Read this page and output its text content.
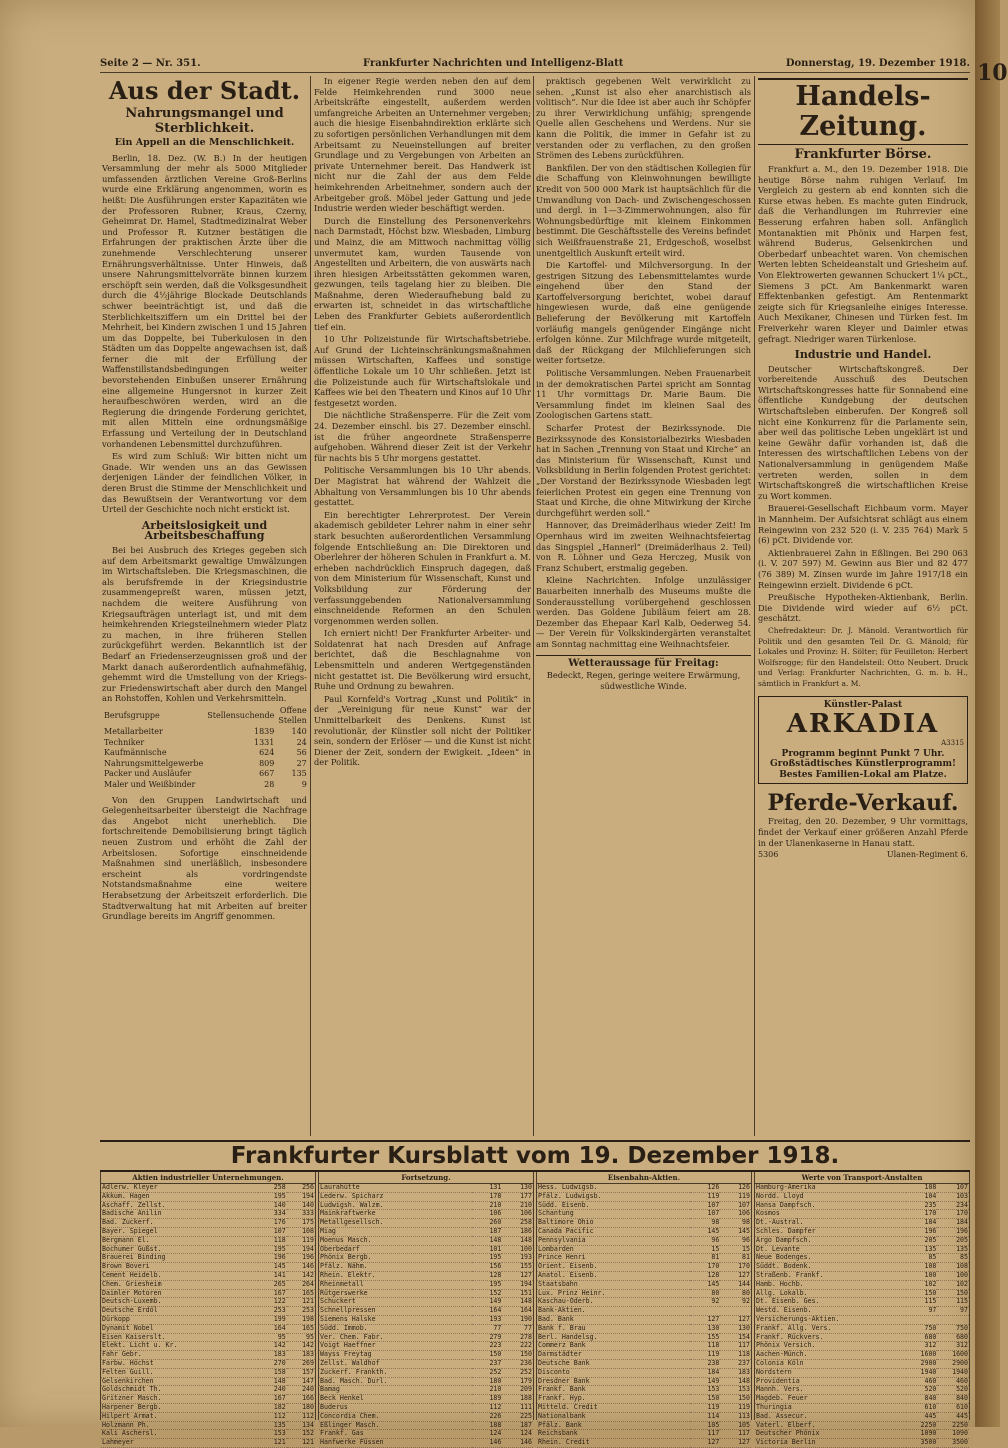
Seite 2 — Nr. 351.	Frankfurter Nachrichten und Intelligenz-Blatt	Donnerstag, 19. Dezember 1918.
Aus der Stadt.
Nahrungsmangel und Sterblichkeit.
Ein Appell an die Menschlichkeit.

Berlin, 18. Dez. (W. B.) In der heutigen Versammlung der mehr als 5000 Mitglieder umfassenden ärztlichen Vereine Groß-Berlins wurde eine Erklärung angenommen, worin es heißt: Die Ausführungen erster Kapazitäten wie der Professoren Rubner, Kraus, Czerny, Geheimrat Dr. Hamel, Stadtmedizinalrat Weber und Professor R. Kutzner bestätigen die Erfahrungen der praktischen Ärzte über die zunehmende Verschlechterung unserer Ernährungsverhältnisse. Unter Hinweis, daß unsere Nahrungsmittelvorräte binnen kurzem erschöpft sein werden, daß die Volksgesundheit durch die 4½jährige Blockade Deutschlands schwer beeinträchtigt ist, und daß die Sterblichkeitsziffern um ein Drittel bei der Mehrheit, bei Kindern zwischen 1 und 15 Jahren um das Doppelte, bei Tuberkulosen in den Städten um das Doppelte angewachsen ist, daß ferner die mit der Erfüllung der Waffenstillstandsbedingungen weiter bevorstehenden Einbußen unserer Ernährung eine allgemeine Hungersnot in kurzer Zeit heraufbeschwören werden, wird an die Regierung die dringende Forderung gerichtet, mit allen Mitteln eine ordnungsmäßige Erfassung und Verteilung der in Deutschland vorhandenen Lebensmittel durchzuführen.

Es wird zum Schluß: Wir bitten nicht um Gnade. Wir wenden uns an das Gewissen derjenigen Länder der feindlichen Völker, in deren Brust die Stimme der Menschlichkeit und das Bewußtsein der Verantwortung vor dem Urteil der Geschichte noch nicht erstickt ist.

Arbeitslosigkeit und Arbeitsbeschaffung

Bei bei Ausbruch des Krieges gegeben sich auf dem Arbeitsmarkt gewaltige Umwälzungen im Wirtschaftsleben. Die Kriegsmaschinen, die als berufsfremde in der Kriegsindustrie zusammengepreßt waren, müssen jetzt, nachdem die weitere Ausführung von Kriegsaufträgen unterlagt ist, und mit dem heimkehrenden Kriegsteilnehmern wieder Platz zu machen, in ihre früheren Stellen zurückgeführt werden. Bekanntlich ist der Bedarf an Friedenserzeugnissen groß und der Markt danach außerordentlich aufnahmefähig, gehemmt wird die Umstellung von der Kriegs- zur Friedenswirtschaft aber durch den Mangel an Rohstoffen, Kohlen und Verkehrsmitteln.

Berufsgruppe	Stellensuchende	Offene Stellen
Metallarbeiter	1839	140
Techniker	1331	24
Kaufmännische	624	56
Nahrungsmittelgewerbe	809	27
Packer und Ausläufer	667	135
Maler und Weißbinder	28	9

Von den Gruppen Landwirtschaft und Gelegenheitsarbeiter übersteigt die Nachfrage das Angebot nicht unerheblich. Die fortschreitende Demobilisierung bringt täglich neuen Zustrom und erhöht die Zahl der Arbeitslosen. Sofortige einschneidende Maßnahmen sind unerläßlich, insbesondere erscheint als vordringendste Notstandsmaßnahme eine weitere Herabsetzung der Arbeitszeit erforderlich. Die Stadtverwaltung hat mit Arbeiten auf breiter Grundlage bereits im Angriff genommen.

In eigener Regie werden neben den auf dem Felde Heimkehrenden rund 3000 neue Arbeitskräfte eingestellt, außerdem werden umfangreiche Arbeiten an Unternehmer vergeben; auch die hiesige Eisenbahndirektion erklärte sich zu sofortigen persönlichen Verhandlungen mit dem Arbeitsamt zu Neueinstellungen auf breiter Grundlage und zu Vergebungen von Arbeiten an private Unternehmer bereit. Das Handwerk ist nicht nur die Zahl der aus dem Felde heimkehrenden Arbeitnehmer, sondern auch der Arbeitgeber groß. Möbel jeder Gattung und jede Industrie werden wieder beschäftigt werden.

Durch die Einstellung des Personenverkehrs nach Darmstadt, Höchst bzw. Wiesbaden, Limburg und Mainz, die am Mittwoch nachmittag völlig unvermutet kam, wurden Tausende von Angestellten und Arbeitern, die von auswärts nach ihren hiesigen Arbeitsstätten gekommen waren, gezwungen, teils tagelang hier zu bleiben. Die Maßnahme, deren Wiederaufhebung bald zu erwarten ist, schneidet in das wirtschaftliche Leben des Frankfurter Gebiets außerordentlich tief ein.

10 Uhr Polizeistunde für Wirtschaftsbetriebe. Auf Grund der Lichteinschränkungsmaßnahmen müssen Wirtschaften, Kaffees und sonstige öffentliche Lokale um 10 Uhr schließen. Jetzt ist die Polizeistunde auch für Wirtschaftslokale und Kaffees wie bei den Theatern und Kinos auf 10 Uhr festgesetzt worden.

Die nächtliche Straßensperre. Für die Zeit vom 24. Dezember einschl. bis 27. Dezember einschl. ist die früher angeordnete Straßensperre aufgehoben. Während dieser Zeit ist der Verkehr für nachts bis 5 Uhr morgens gestattet.

Politische Versammlungen bis 10 Uhr abends. Der Magistrat hat während der Wahlzeit die Abhaltung von Versammlungen bis 10 Uhr abends gestattet.

Ein berechtigter Lehrerprotest. Der Verein akademisch gebildeter Lehrer nahm in einer sehr stark besuchten außerordentlichen Versammlung folgende Entschließung an: Die Direktoren und Oberlehrer der höheren Schulen in Frankfurt a. M. erheben nachdrücklich Einspruch dagegen, daß von dem Ministerium für Wissenschaft, Kunst und Volksbildung zur Förderung der verfassunggebenden Nationalversammlung einschneidende Reformen an den Schulen vorgenommen werden sollen.

Ich erniert nicht! Der Frankfurter Arbeiter- und Soldatenrat hat nach Dresden auf Anfrage berichtet, daß die Beschlagnahme von Lebensmitteln und anderen Wertgegenständen nicht gestattet ist. Die Bevölkerung wird ersucht, Ruhe und Ordnung zu bewahren.

Paul Kornfeld's Vortrag „Kunst und Politik“ in der „Vereinigung für neue Kunst“ war der Unmittelbarkeit des Denkens. Kunst ist revolutionär, der Künstler soll nicht der Politiker sein, sondern der Erlöser — und die Kunst ist nicht Diener der Zeit, sondern der Ewigkeit. „Ideen“ in der Politik.

praktisch gegebenen Welt verwirklicht zu sehen. „Kunst ist also eher anarchistisch als volitisch“. Nur die Idee ist aber auch ihr Schöpfer zu ihrer Verwirklichung unfähig; sprengende Quelle allen Geschehens und Werdens. Nur sie kann die Politik, die immer in Gefahr ist zu verstanden oder zu verflachen, zu den großen Strömen des Lebens zurückführen.

Bankfilen. Der von den städtischen Kollegien für die Schaffung von Kleinwohnungen bewilligte Kredit von 500 000 Mark ist hauptsächlich für die Umwandlung von Dach- und Zwischengeschossen und dergl. in 1—3-Zimmerwohnungen, also für Wohnungsbedürftige mit kleinem Einkommen bestimmt. Die Geschäftsstelle des Vereins befindet sich Weißfrauenstraße 21, Erdgeschoß, woselbst unentgeltlich Auskunft erteilt wird.

Die Kartoffel- und Milchversorgung. In der gestrigen Sitzung des Lebensmittelamtes wurde eingehend über den Stand der Kartoffelversorgung berichtet, wobei darauf hingewiesen wurde, daß eine genügende Belieferung der Bevölkerung mit Kartoffeln vorläufig mangels genügender Eingänge nicht erfolgen könne. Zur Milchfrage wurde mitgeteilt, daß der Rückgang der Milchlieferungen sich weiter fortsetze.

Politische Versammlungen. Neben Frauenarbeit in der demokratischen Partei spricht am Sonntag 11 Uhr vormittags Dr. Marie Baum. Die Versammlung findet im kleinen Saal des Zoologischen Gartens statt.

Scharfer Protest der Bezirkssynode. Die Bezirkssynode des Konsistorialbezirks Wiesbaden hat in Sachen „Trennung von Staat und Kirche“ an das Ministerium für Wissenschaft, Kunst und Volksbildung in Berlin folgenden Protest gerichtet: „Der Vorstand der Bezirkssynode Wiesbaden legt feierlichen Protest ein gegen eine Trennung von Staat und Kirche, die ohne Mitwirkung der Kirche durchgeführt werden soll.“

Hannover, das Dreimäderlhaus wieder Zeit! Im Opernhaus wird im zweiten Weihnachtsfeiertag das Singspiel „Hannerl“ (Dreimäderlhaus 2. Teil) von R. Löhner und Geza Herczeg, Musik von Franz Schubert, erstmalig gegeben.

Kleine Nachrichten. Infolge unzulässiger Bauarbeiten innerhalb des Museums mußte die Sonderausstellung vorübergehend geschlossen werden. Das Goldene Jubiläum feiert am 28. Dezember das Ehepaar Karl Kalb, Oederweg 54. — Der Verein für Volkskindergärten veranstaltet am Sonntag nachmittag eine Weihnachtsfeier.

Wetteraussage für Freitag:

Bedeckt, Regen, geringe weitere Erwärmung, südwestliche Winde.

Handels-Zeitung.
Frankfurter Börse.

Frankfurt a. M., den 19. Dezember 1918. Die heutige Börse nahm ruhigen Verlauf. Im Vergleich zu gestern ab end konnten sich die Kurse etwas heben. Es machte guten Eindruck, daß die Verhandlungen im Ruhrrevier eine Besserung erfahren haben soll. Anfänglich Montanaktien mit Phönix und Harpen fest, während Buderus, Gelsenkirchen und Oberbedarf unbeachtet waren. Von chemischen Werten lebten Scheideanstalt und Griesheim auf. Von Elektrowerten gewannen Schuckert 1¼ pCt., Siemens 3 pCt. Am Bankenmarkt waren Effektenbanken gefestigt. Am Rentenmarkt zeigte sich für Kriegsanleihe einiges Interesse. Auch Mexikaner, Chinesen und Türken fest. Im Freiverkehr waren Kleyer und Daimler etwas gefragt. Niedriger waren Türkenlose.

Industrie und Handel.

Deutscher Wirtschaftskongreß. Der vorbereitende Ausschuß des Deutschen Wirtschaftskongresses hatte für Sonnabend eine öffentliche Kundgebung der deutschen Wirtschaftsleben einberufen. Der Kongreß soll nicht eine Konkurrenz für die Parlamente sein, aber weil das politische Leben ungeklärt ist und keine Gewähr dafür vorhanden ist, daß die Interessen des wirtschaftlichen Lebens von der Nationalversammlung in genügendem Maße vertreten werden, sollen in dem Wirtschaftskongreß die wirtschaftlichen Kreise zu Wort kommen.

Brauerei-Gesellschaft Eichbaum vorm. Mayer in Mannheim. Der Aufsichtsrat schlägt aus einem Reingewinn von 232 520 (i. V. 235 764) Mark 5 (6) pCt. Dividende vor.

Aktienbrauerei Zahn in Eßlingen. Bei 290 063 (i. V. 207 597) M. Gewinn aus Bier und 82 477 (76 389) M. Zinsen wurde im Jahre 1917/18 ein Reingewinn erzielt. Dividende 6 pCt.

Preußische Hypotheken-Aktienbank, Berlin. Die Dividende wird wieder auf 6½ pCt. geschätzt.

Chefredakteur: Dr. J. Mänold. Verantwortlich für Politik und den gesamten Teil Dr. G. Mänold; für Lokales und Provinz: H. Sölter; für Feuilleton: Herbert Wolfsrogge; für den Handelsteil: Otto Neubert. Druck und Verlag: Frankfurter Nachrichten, G. m. b. H., sämtlich in Frankfurt a. M.

Künstler-Palast
ARKADIA
A3315
Programm beginnt Punkt 7 Uhr.
Großstädtisches Künstlerprogramm!
Bestes Familien-Lokal am Platze.
Pferde-Verkauf.

Freitag, den 20. Dezember, 9 Uhr vormittags, findet der Verkauf einer größeren Anzahl Pferde in der Ulanenkaserne in Hanau statt.

5306	Ulanen-Regiment 6.
Frankfurter Kursblatt vom 19. Dezember 1918.
Aktien industrieller Unternehmungen.
Adlerw. Kleyer	258	256
Akkum. Hagen	195	194
Aschaff. Zellst.	140	140
Badische Anilin	334	333
Bad. Zuckerf.	176	175
Bayer. Spiegel	107	108
Bergmann El.	118	119
Bochumer Gußst.	195	194
Brauerei Binding	196	196
Brown Boveri	145	146
Cement Heidelb.	141	142
Chem. Griesheim	265	264
Daimler Motoren	167	165
Deutsch-Luxemb.	122	121
Deutsche Erdöl	253	253
Dürkopp	199	198
Dynamit Nobel	164	165
Eisen Kaiserslt.	95	95
Elekt. Licht u. Kr.	142	142
Fahr Gebr.	183	183
Farbw. Höchst	270	269
Felten Guill.	158	157
Gelsenkirchen	148	147
Goldschmidt Th.	240	240
Gritzner Masch.	167	166
Harpener Bergb.	182	180
Hilpert Armat.	112	112
Holzmann Ph.	135	134
Kali Aschersl.	153	152
Lahmeyer	121	121
Fortsetzung.
Laurahütte	131	130
Lederw. Spicharz	178	177
Ludwigsh. Walzm.	210	210
Mainkraftwerke	106	106
Metallgesellsch.	260	258
Miag	187	186
Moenus Masch.	148	148
Oberbedarf	101	100
Phönix Bergb.	195	193
Pfälz. Nähm.	156	155
Rhein. Elektr.	128	127
Rheinmetall	195	194
Rütgerswerke	152	151
Schuckert	149	148
Schnellpressen	164	164
Siemens Halske	193	190
Südd. Immob.	77	77
Ver. Chem. Fabr.	279	278
Voigt Haeffner	223	222
Wayss Freytag	150	150
Zellst. Waldhof	237	236
Zuckerf. Frankth.	252	252
Bad. Masch. Durl.	180	179
Bamag	210	209
Beck Henkel	189	188
Buderus	112	111
Concordia Chem.	226	225
Eßlinger Masch.	188	187
Frankf. Gas	124	124
Hanfwerke Füssen	146	146
Eisenbahn-Aktien.
Hess. Ludwigsb.	126	126
Pfälz. Ludwigsb.	119	119
Südd. Eisenb.	107	107
Schantung	107	106
Baltimore Ohio	98	98
Canada Pacific	145	145
Pennsylvania	96	96
Lombarden	15	15
Prince Henri	81	81
Orient. Eisenb.	170	170
Anatol. Eisenb.	128	127
Staatsbahn	145	144
Lux. Prinz Heinr.	80	80
Kaschau-Oderb.	92	92
Bank-Aktien.		
Bad. Bank	127	127
Bank f. Brau	130	130
Berl. Handelsg.	155	154
Commerz Bank	118	117
Darmstädter	119	118
Deutsche Bank	238	237
Disconto	184	183
Dresdner Bank	149	148
Frankf. Bank	153	153
Frankf. Hyp.	150	150
Mitteld. Credit	119	119
Nationalbank	114	113
Pfälz. Bank	105	105
Reichsbank	117	117
Rhein. Credit	127	127
Werte von Transport-Anstalten
Hamburg-Amerika	108	107
Nordd. Lloyd	104	103
Hansa Dampfsch.	235	234
Kosmos	170	170
Dt.-Austral.	184	184
Schles. Dampfer	196	196
Argo Dampfsch.	205	205
Dt. Levante	135	135
Neue Bodenges.	85	85
Süddt. Bodenk.	108	108
Straßenb. Frankf.	100	100
Hamb. Hochb.	102	102
Allg. Lokalb.	150	150
Dt. Eisenb. Ges.	115	115
Westd. Eisenb.	97	97
Versicherungs-Aktien.		
Frankf. Allg. Vers.	750	750
Frankf. Rückvers.	680	680
Phönix Versich.	312	312
Aachen-Münch.	1600	1600
Colonia Köln	2900	2900
Nordstern	1940	1940
Providentia	460	460
Mannh. Vers.	520	520
Magdeb. Feuer	840	840
Thuringia	610	610
Bad. Assecur.	445	445
Vaterl. Elberf.	2250	2250
Deutscher Phönix	1090	1090
Victoria Berlin	3500	3500
10
